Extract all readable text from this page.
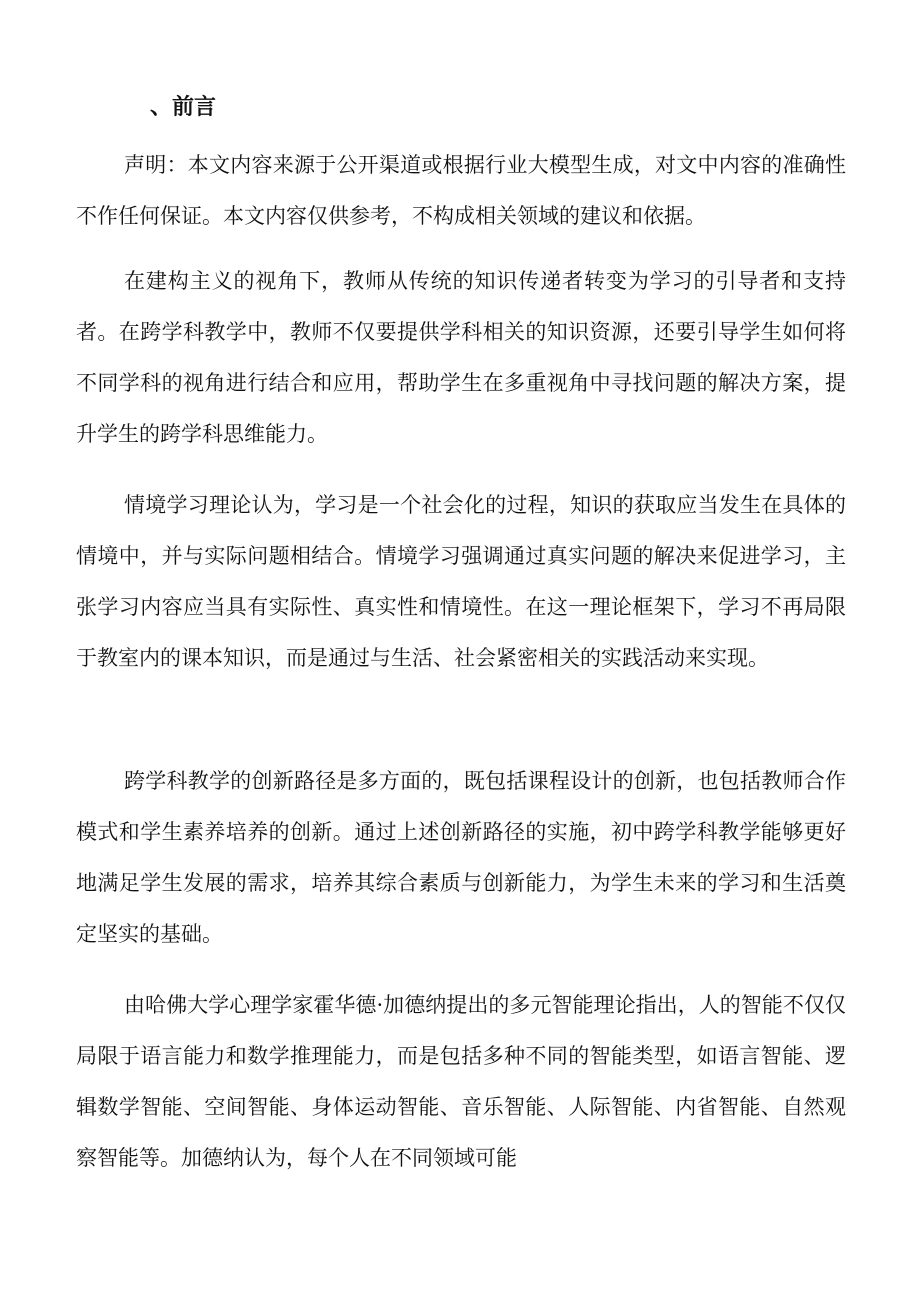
、前言

声明：本文内容来源于公开渠道或根据行业大模型生成，对文中内容的准确性不作任何保证。本文内容仅供参考，不构成相关领域的建议和依据。

在建构主义的视角下，教师从传统的知识传递者转变为学习的引导者和支持者。在跨学科教学中，教师不仅要提供学科相关的知识资源，还要引导学生如何将不同学科的视角进行结合和应用，帮助学生在多重视角中寻找问题的解决方案，提升学生的跨学科思维能力。

情境学习理论认为，学习是一个社会化的过程，知识的获取应当发生在具体的情境中，并与实际问题相结合。情境学习强调通过真实问题的解决来促进学习，主张学习内容应当具有实际性、真实性和情境性。在这一理论框架下，学习不再局限于教室内的课本知识，而是通过与生活、社会紧密相关的实践活动来实现。

跨学科教学的创新路径是多方面的，既包括课程设计的创新，也包括教师合作模式和学生素养培养的创新。通过上述创新路径的实施，初中跨学科教学能够更好地满足学生发展的需求，培养其综合素质与创新能力，为学生未来的学习和生活奠定坚实的基础。

由哈佛大学心理学家霍华德·加德纳提出的多元智能理论指出，人的智能不仅仅局限于语言能力和数学推理能力，而是包括多种不同的智能类型，如语言智能、逻辑数学智能、空间智能、身体运动智能、音乐智能、人际智能、内省智能、自然观察智能等。加德纳认为，每个人在不同领域可能
